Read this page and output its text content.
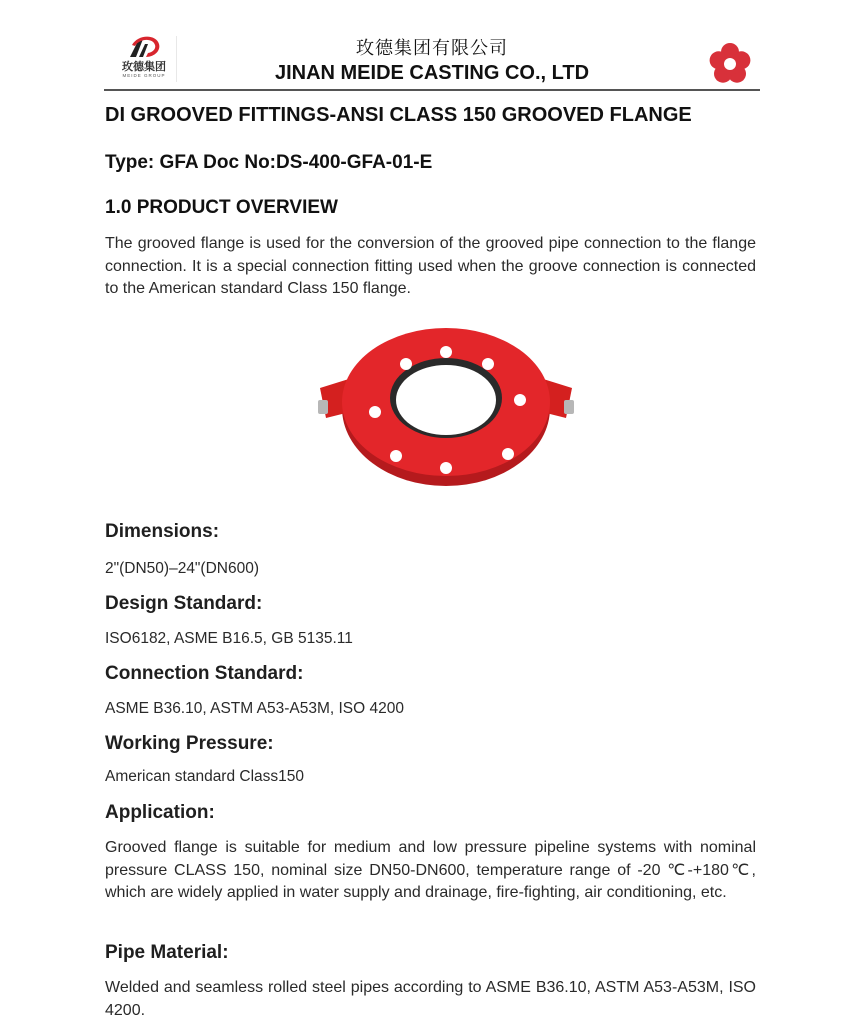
玫德集团
MEIDE GROUP
玫德集团有限公司
JINAN MEIDE CASTING CO., LTD
DI GROOVED FITTINGS-ANSI CLASS 150 GROOVED FLANGE
Type: GFA Doc No:DS-400-GFA-01-E
1.0 PRODUCT OVERVIEW
The grooved flange is used for the conversion of the grooved pipe connection to the flange connection. It is a special connection fitting used when the groove connection is connected to the American standard Class 150 flange.
Dimensions:
2"(DN50)–24"(DN600)
Design Standard:
ISO6182, ASME B16.5, GB 5135.11
Connection Standard:
ASME B36.10, ASTM A53-A53M, ISO 4200
Working Pressure:
American standard Class150
Application:
Grooved flange is suitable for medium and low pressure pipeline systems with nominal pressure CLASS 150, nominal size DN50-DN600, temperature range of -20 ℃-+180℃, which are widely applied in water supply and drainage, fire-fighting, air conditioning, etc.
Pipe Material:
Welded and seamless rolled steel pipes according to ASME B36.10, ASTM A53-A53M, ISO 4200.
